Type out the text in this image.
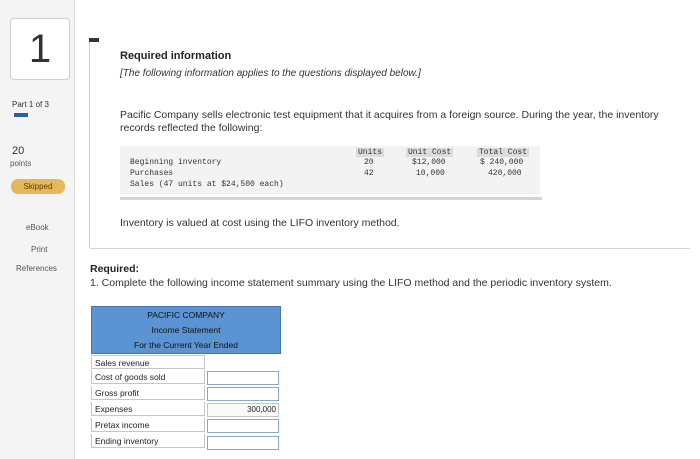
1
Part 1 of 3
20
points
Skipped
eBook
Print
References
Required information
[The following information applies to the questions displayed below.]
Pacific Company sells electronic test equipment that it acquires from a foreign source. During the year, the inventory records reflected the following:
Units	Unit Cost	Total Cost
Beginning inventory	20	$12,000	$ 240,000
Purchases	42	10,000	420,000
Sales (47 units at $24,500 each)
Inventory is valued at cost using the LIFO inventory method.
Required:
1. Complete the following income statement summary using the LIFO method and the periodic inventory system.
PACIFIC COMPANY
Income Statement
For the Current Year Ended
Sales revenue
Cost of goods sold
Gross profit
Expenses	300,000
Pretax income
Ending inventory
